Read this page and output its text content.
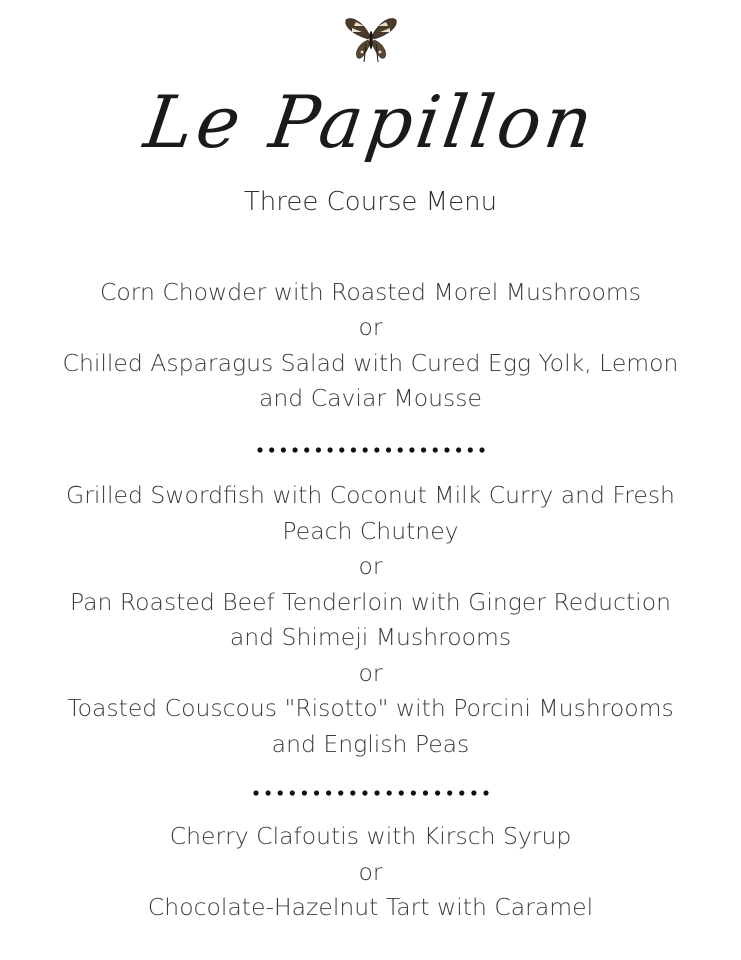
Le Papillon
Three Course Menu
Corn Chowder with Roasted Morel Mushrooms
or
Chilled Asparagus Salad with Cured Egg Yolk, Lemon
and Caviar Mousse
Grilled Swordfish with Coconut Milk Curry and Fresh
Peach Chutney
or
Pan Roasted Beef Tenderloin with Ginger Reduction
and Shimeji Mushrooms
or
Toasted Couscous "Risotto" with Porcini Mushrooms
and English Peas
Cherry Clafoutis with Kirsch Syrup
or
Chocolate-Hazelnut Tart with Caramel
